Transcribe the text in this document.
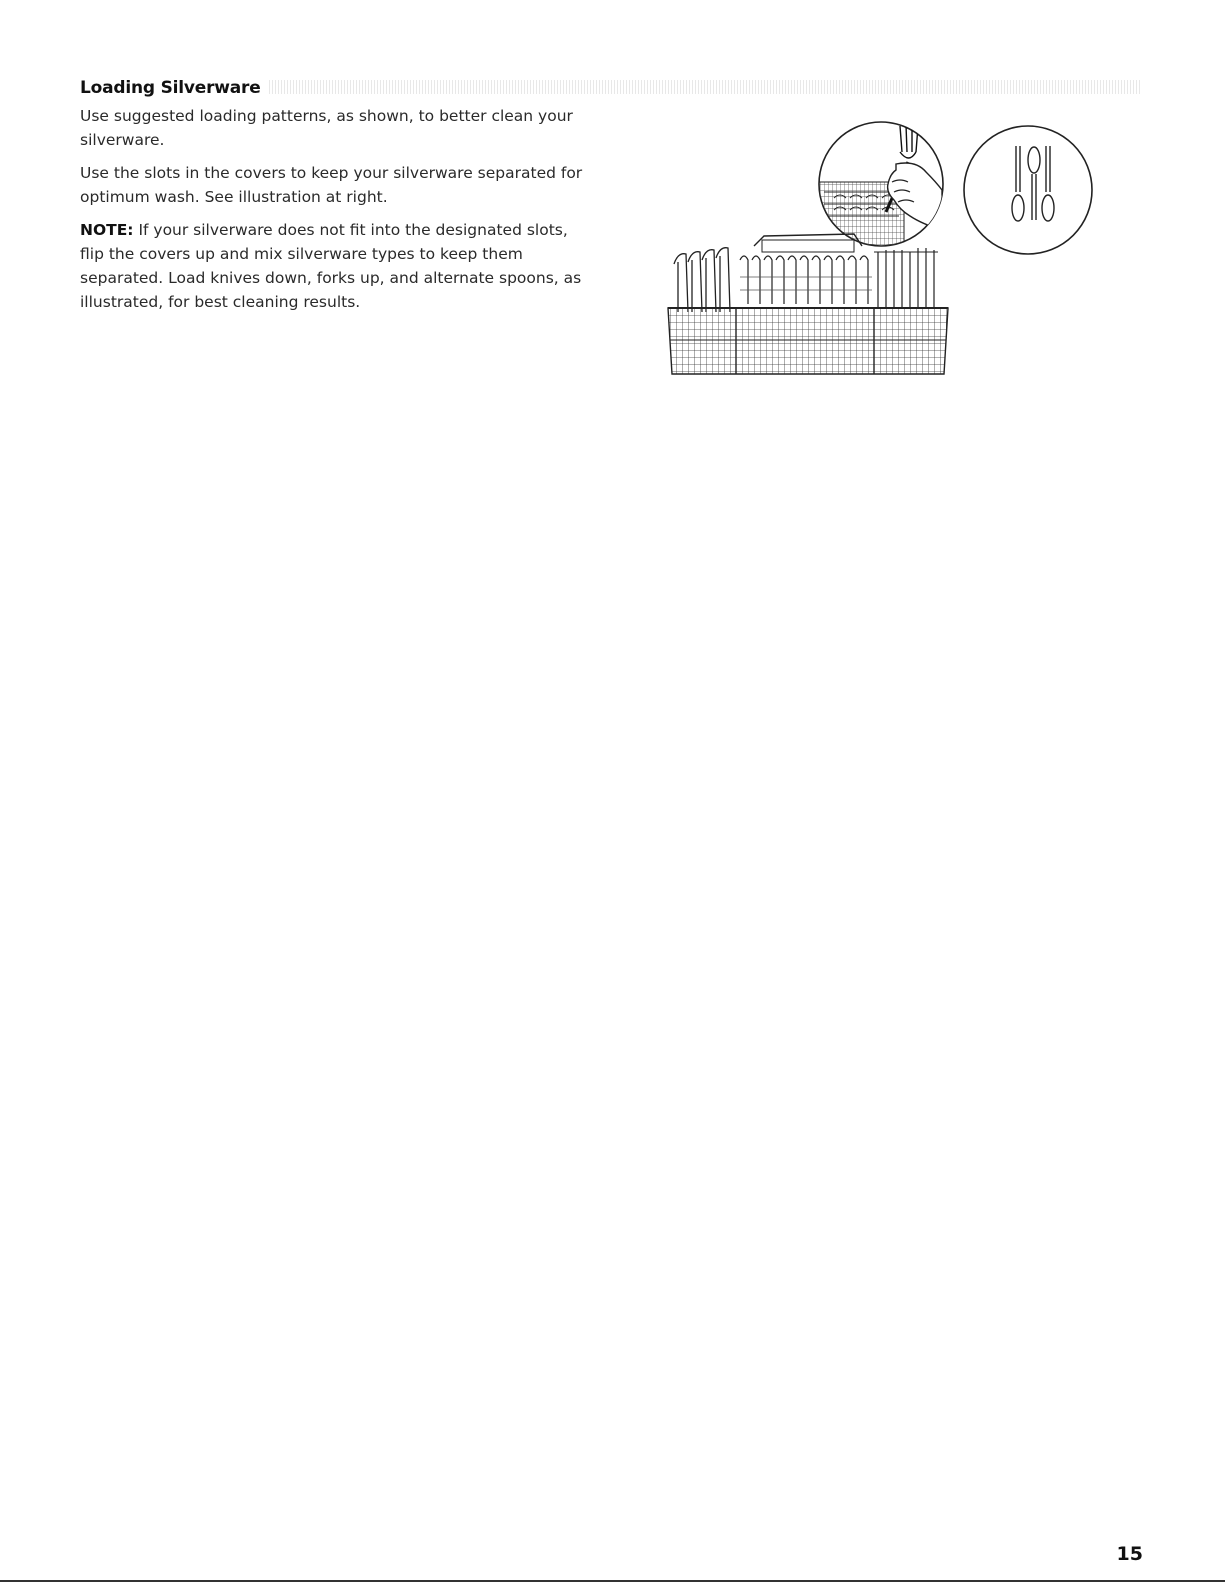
Loading Silverware

Use suggested loading patterns, as shown, to better clean your silverware.

Use the slots in the covers to keep your silverware separated for optimum wash. See illustration at right.

NOTE: If your silverware does not fit into the designated slots, flip the covers up and mix silverware types to keep them separated. Load knives down, forks up, and alternate spoons, as illustrated, for best cleaning results.

15
